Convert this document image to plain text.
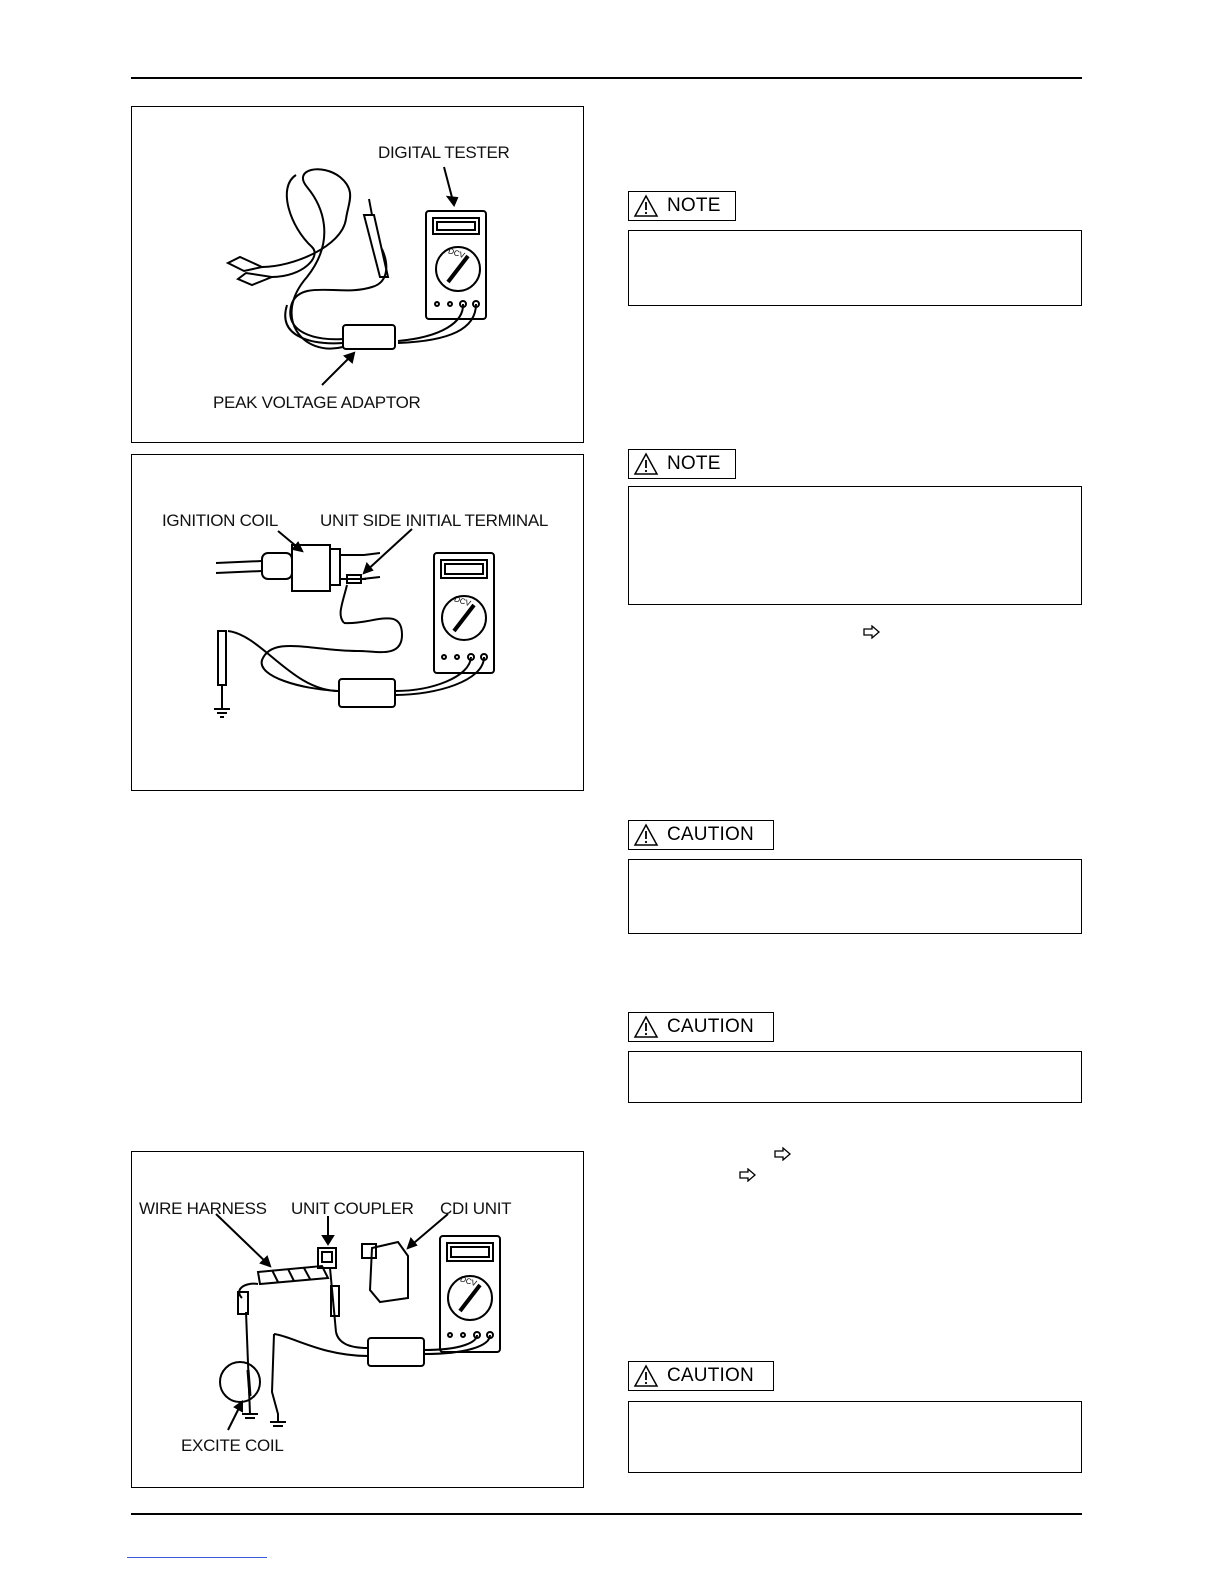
DCV
DIGITAL TESTER
PEAK VOLTAGE ADAPTOR
DCV
IGNITION COIL UNIT SIDE INITIAL TERMINAL
DCV
WIRE HARNESS UNIT COUPLER CDI UNIT
EXCITE COIL
NOTE
NOTE
CAUTION
CAUTION
CAUTION
